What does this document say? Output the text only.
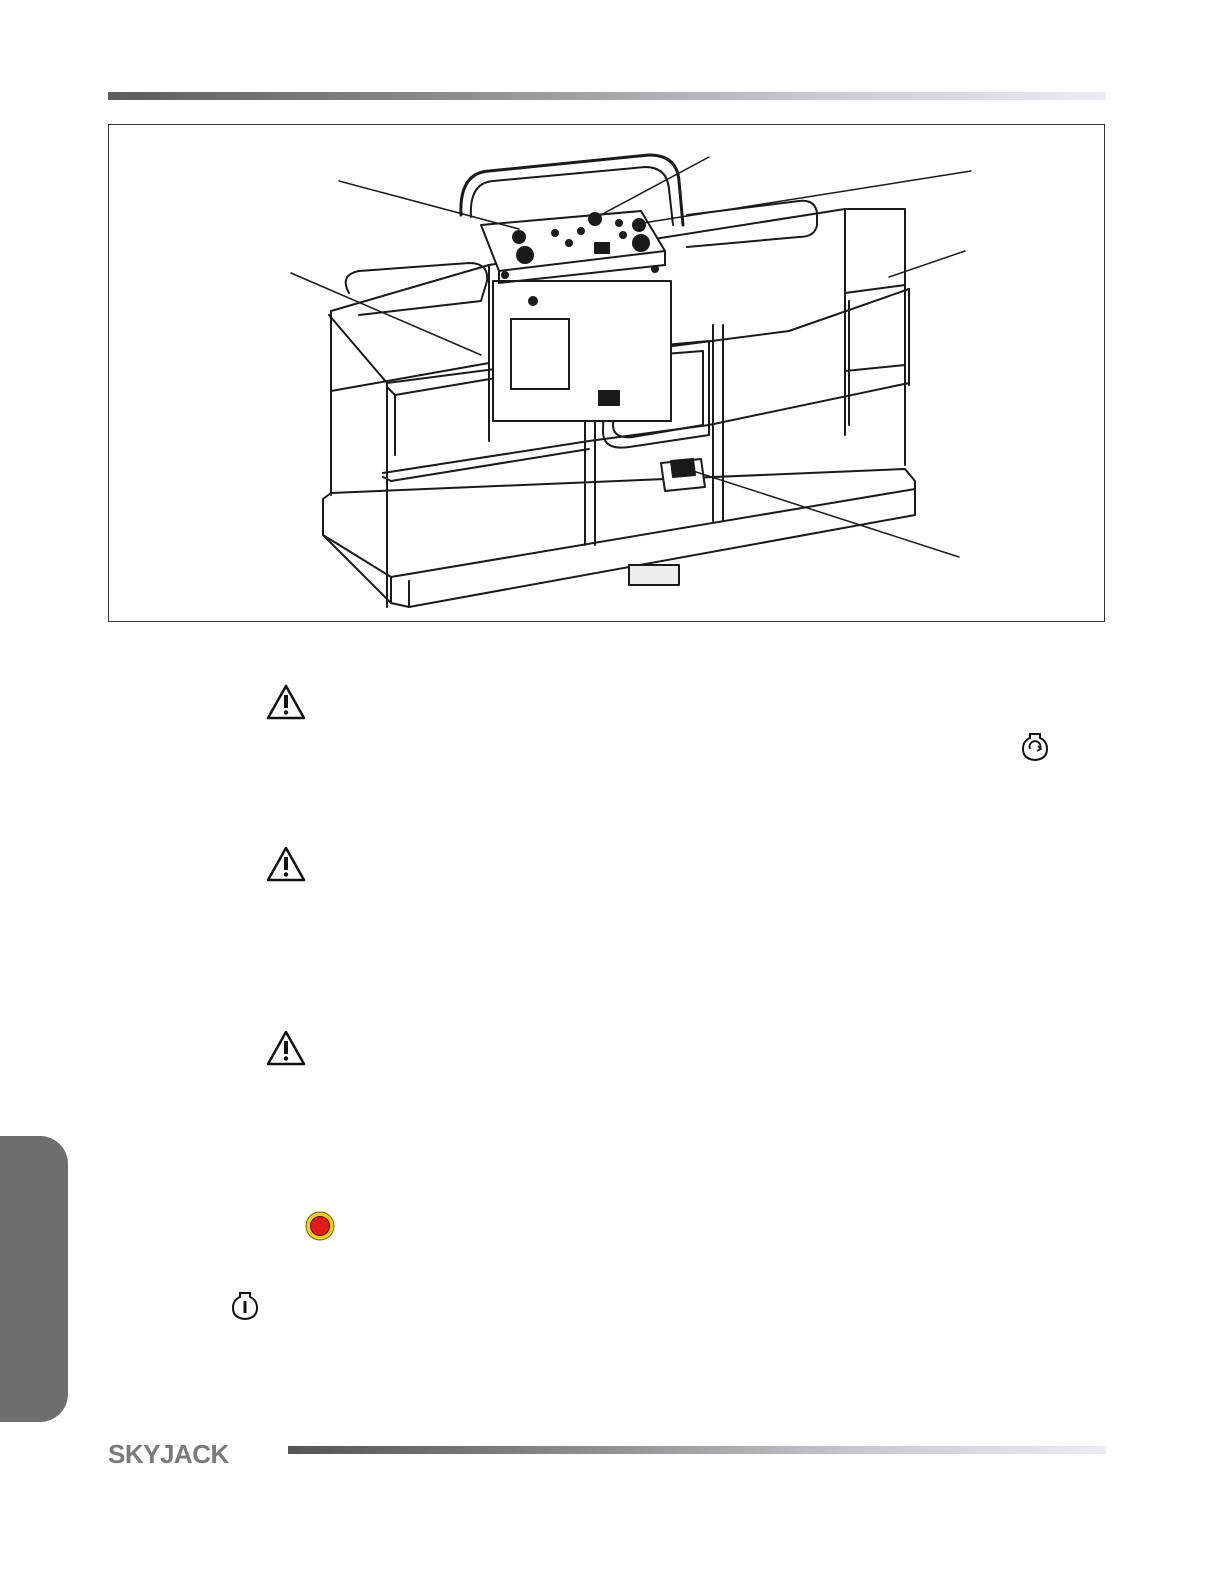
SKYJACK
